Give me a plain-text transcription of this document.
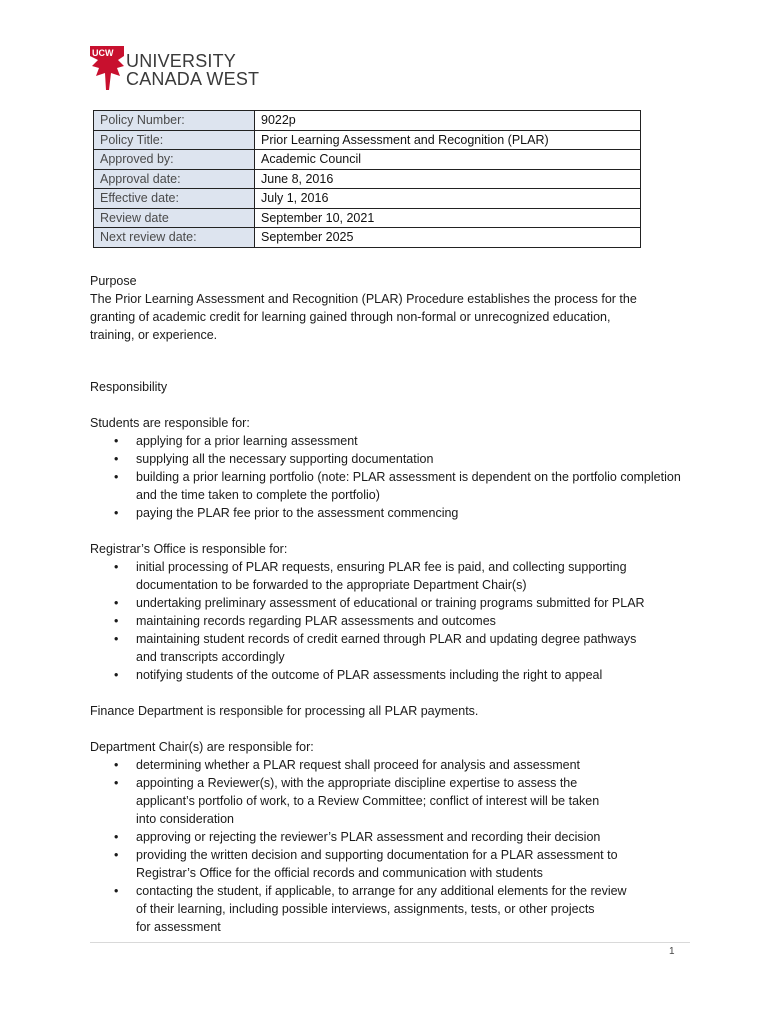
UCW UNIVERSITY
CANADA WEST
Policy Number:	9022p
Policy Title:	Prior Learning Assessment and Recognition (PLAR)
Approved by:	Academic Council
Approval date:	June 8, 2016
Effective date:	July 1, 2016
Review date	September 10, 2021
Next review date:	September 2025
Purpose
The Prior Learning Assessment and Recognition (PLAR) Procedure establishes the process for the
granting of academic credit for learning gained through non-formal or unrecognized education,
training, or experience.
Responsibility
Students are responsible for:
• applying for a prior learning assessment
• supplying all the necessary supporting documentation
• building a prior learning portfolio (note: PLAR assessment is dependent on the portfolio completion
and the time taken to complete the portfolio)
• paying the PLAR fee prior to the assessment commencing
Registrar’s Office is responsible for:
• initial processing of PLAR requests, ensuring PLAR fee is paid, and collecting supporting
documentation to be forwarded to the appropriate Department Chair(s)
• undertaking preliminary assessment of educational or training programs submitted for PLAR
• maintaining records regarding PLAR assessments and outcomes
• maintaining student records of credit earned through PLAR and updating degree pathways
and transcripts accordingly
• notifying students of the outcome of PLAR assessments including the right to appeal
Finance Department is responsible for processing all PLAR payments.
Department Chair(s) are responsible for:
• determining whether a PLAR request shall proceed for analysis and assessment
• appointing a Reviewer(s), with the appropriate discipline expertise to assess the
applicant’s portfolio of work, to a Review Committee; conflict of interest will be taken
into consideration
• approving or rejecting the reviewer’s PLAR assessment and recording their decision
• providing the written decision and supporting documentation for a PLAR assessment to
Registrar’s Office for the official records and communication with students
• contacting the student, if applicable, to arrange for any additional elements for the review
of their learning, including possible interviews, assignments, tests, or other projects
for assessment
1
